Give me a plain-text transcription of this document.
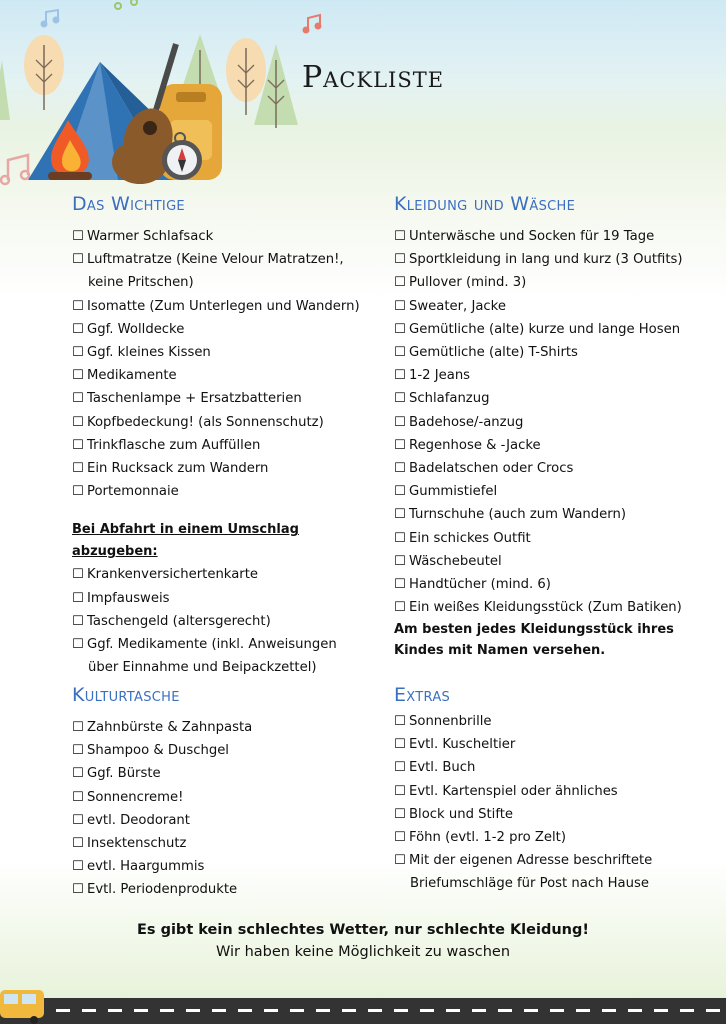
Packliste
Das Wichtige
☐ Warmer Schlafsack
☐ Luftmatratze (Keine Velour Matratzen!,
keine Pritschen)
☐ Isomatte (Zum Unterlegen und Wandern)
☐ Ggf. Wolldecke
☐ Ggf. kleines Kissen
☐ Medikamente
☐ Taschenlampe + Ersatzbatterien
☐ Kopfbedeckung! (als Sonnenschutz)
☐ Trinkflasche zum Auffüllen
☐ Ein Rucksack zum Wandern
☐ Portemonnaie
Bei Abfahrt in einem Umschlag abzugeben:
☐ Krankenversichertenkarte
☐ Impfausweis
☐ Taschengeld (altersgerecht)
☐ Ggf. Medikamente (inkl. Anweisungen
über Einnahme und Beipackzettel)
Kulturtasche
☐ Zahnbürste & Zahnpasta
☐ Shampoo & Duschgel
☐ Ggf. Bürste
☐ Sonnencreme!
☐ evtl. Deodorant
☐ Insektenschutz
☐ evtl. Haargummis
☐ Evtl. Periodenprodukte
Kleidung und Wäsche
☐ Unterwäsche und Socken für 19 Tage
☐ Sportkleidung in lang und kurz (3 Outfits)
☐ Pullover (mind. 3)
☐ Sweater, Jacke
☐ Gemütliche (alte) kurze und lange Hosen
☐ Gemütliche (alte) T-Shirts
☐ 1-2 Jeans
☐ Schlafanzug
☐ Badehose/-anzug
☐ Regenhose & -Jacke
☐ Badelatschen oder Crocs
☐ Gummistiefel
☐ Turnschuhe (auch zum Wandern)
☐ Ein schickes Outfit
☐ Wäschebeutel
☐ Handtücher (mind. 6)
☐ Ein weißes Kleidungsstück (Zum Batiken)
Am besten jedes Kleidungsstück ihres
Kindes mit Namen versehen.
Extras
☐ Sonnenbrille
☐ Evtl. Kuscheltier
☐ Evtl. Buch
☐ Evtl. Kartenspiel oder ähnliches
☐ Block und Stifte
☐ Föhn (evtl. 1-2 pro Zelt)
☐ Mit der eigenen Adresse beschriftete
Briefumschläge für Post nach Hause
Es gibt kein schlechtes Wetter, nur schlechte Kleidung!
Wir haben keine Möglichkeit zu waschen
